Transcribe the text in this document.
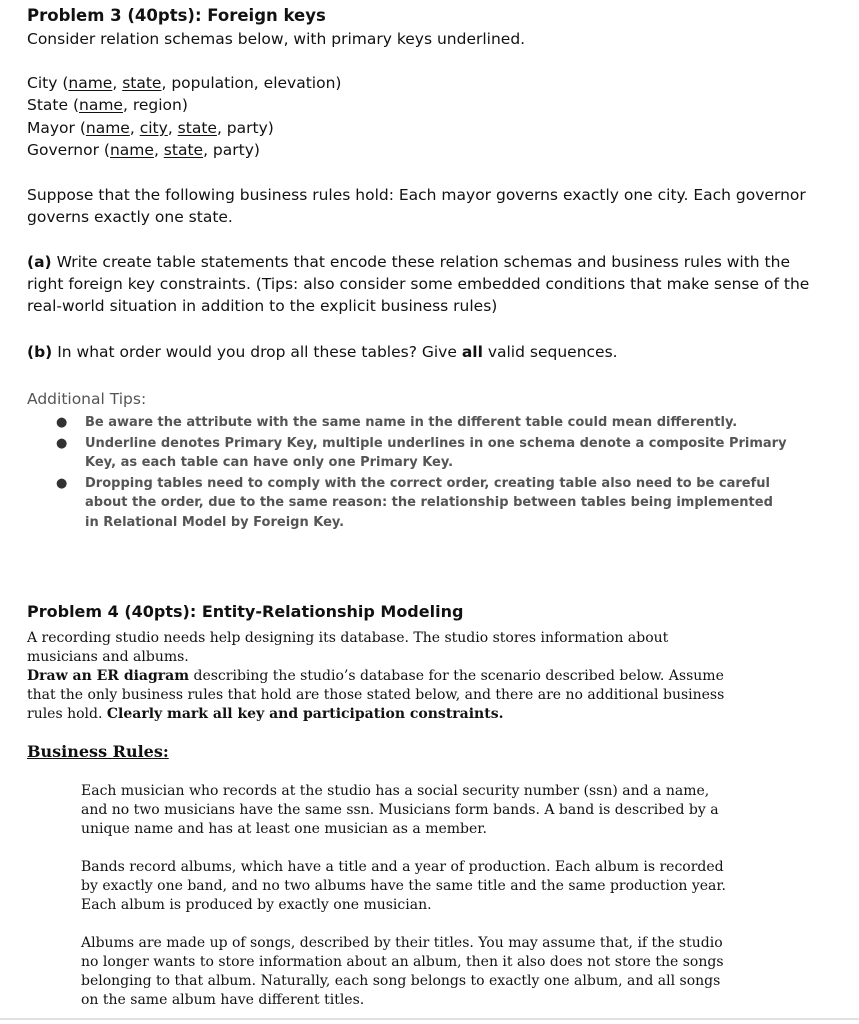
Problem 3 (40pts): Foreign keys
Consider relation schemas below, with primary keys underlined.
City (name, state, population, elevation)
State (name, region)
Mayor (name, city, state, party)
Governor (name, state, party)
Suppose that the following business rules hold: Each mayor governs exactly one city. Each governor governs exactly one state.
(a) Write create table statements that encode these relation schemas and business rules with the right foreign key constraints. (Tips: also consider some embedded conditions that make sense of the real-world situation in addition to the explicit business rules)
(b) In what order would you drop all these tables? Give all valid sequences.
Additional Tips:
● Be aware the attribute with the same name in the different table could mean differently.
● Underline denotes Primary Key, multiple underlines in one schema denote a composite Primary Key, as each table can have only one Primary Key.
● Dropping tables need to comply with the correct order, creating table also need to be careful about the order, due to the same reason: the relationship between tables being implemented in Relational Model by Foreign Key.
Problem 4 (40pts): Entity-Relationship Modeling
A recording studio needs help designing its database. The studio stores information about musicians and albums.
Draw an ER diagram describing the studio’s database for the scenario described below. Assume that the only business rules that hold are those stated below, and there are no additional business rules hold. Clearly mark all key and participation constraints.
Business Rules:
Each musician who records at the studio has a social security number (ssn) and a name, and no two musicians have the same ssn. Musicians form bands. A band is described by a unique name and has at least one musician as a member.
Bands record albums, which have a title and a year of production. Each album is recorded by exactly one band, and no two albums have the same title and the same production year. Each album is produced by exactly one musician.
Albums are made up of songs, described by their titles. You may assume that, if the studio no longer wants to store information about an album, then it also does not store the songs belonging to that album. Naturally, each song belongs to exactly one album, and all songs on the same album have different titles.
